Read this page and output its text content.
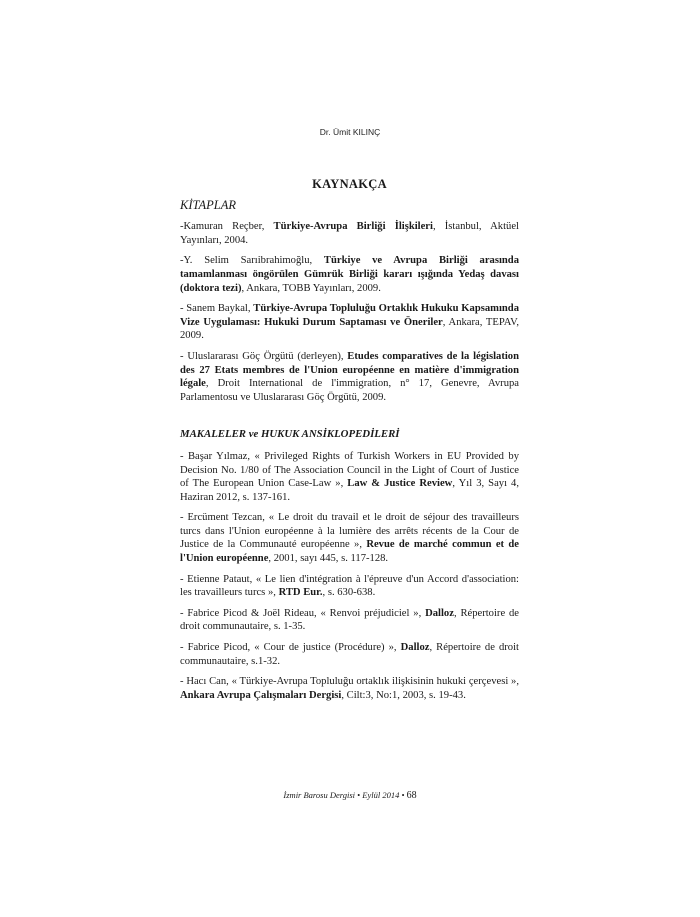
Dr. Ümit KILINÇ
KAYNAKÇA
KİTAPLAR

-Kamuran Reçber, Türkiye-Avrupa Birliği İlişkileri, İstanbul, Aktüel Yayınları, 2004.

-Y. Selim Sarıibrahimoğlu, Türkiye ve Avrupa Birliği arasında tamamlanması öngörülen Gümrük Birliği kararı ışığında Yedaş davası (doktora tezi), Ankara, TOBB Yayınları, 2009.

- Sanem Baykal, Türkiye-Avrupa Topluluğu Ortaklık Hukuku Kapsamında Vize Uygulaması: Hukuki Durum Saptaması ve Öneriler, Ankara, TEPAV, 2009.

- Uluslararası Göç Örgütü (derleyen), Etudes comparatives de la législation des 27 Etats membres de l'Union européenne en matière d'immigration légale, Droit International de l'immigration, n° 17, Genevre, Avrupa Parlamentosu ve Uluslararası Göç Örgütü, 2009.

MAKALELER ve HUKUK ANSİKLOPEDİLERİ

- Başar Yılmaz, « Privileged Rights of Turkish Workers in EU Provided by Decision No. 1/80 of The Association Council in the Light of Court of Justice of The European Union Case-Law », Law & Justice Review, Yıl 3, Sayı 4, Haziran 2012, s. 137-161.

- Ercüment Tezcan, « Le droit du travail et le droit de séjour des travailleurs turcs dans l'Union européenne à la lumière des arrêts récents de la Cour de Justice de la Communauté européenne », Revue de marché commun et de l'Union européenne, 2001, sayı 445, s. 117-128.

- Etienne Pataut, « Le lien d'intégration à l'épreuve d'un Accord d'association: les travailleurs turcs », RTD Eur., s. 630-638.

- Fabrice Picod & Joël Rideau, « Renvoi préjudiciel », Dalloz, Répertoire de droit communautaire, s. 1-35.

- Fabrice Picod, « Cour de justice (Procédure) », Dalloz, Répertoire de droit communautaire, s.1-32.

- Hacı Can, « Türkiye-Avrupa Topluluğu ortaklık ilişkisinin hukuki çerçevesi », Ankara Avrupa Çalışmaları Dergisi, Cilt:3, No:1, 2003, s. 19-43.

İzmir Barosu Dergisi • Eylül 2014 • 68
